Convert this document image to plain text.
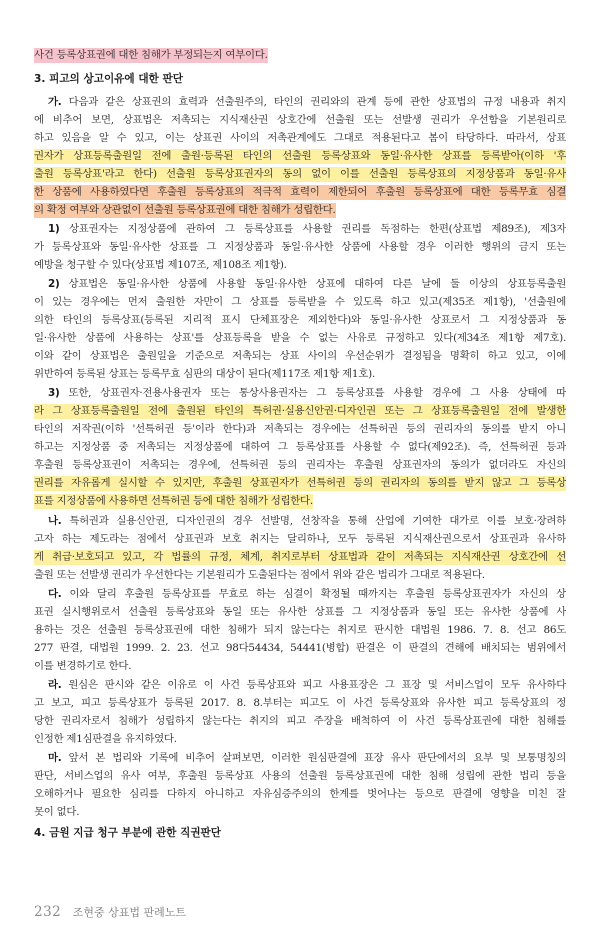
사건 등록상표권에 대한 침해가 부정되는지 여부이다.
3. 피고의 상고이유에 대한 판단
가. 다음과 같은 상표권의 효력과 선출원주의, 타인의 권리와의 관계 등에 관한 상표법의 규정 내용과 취지
에 비추어 보면, 상표법은 저촉되는 지식재산권 상호간에 선출원 또는 선발생 권리가 우선함을 기본원리로
하고 있음을 알 수 있고, 이는 상표권 사이의 저촉관계에도 그대로 적용된다고 봄이 타당하다. 따라서, 상표
권자가 상표등록출원일 전에 출원·등록된 타인의 선출원 등록상표와 동일·유사한 상표를 등록받아(이하 '후
출원 등록상표'라고 한다) 선출원 등록상표권자의 동의 없이 이를 선출원 등록상표의 지정상품과 동일·유사
한 상품에 사용하였다면 후출원 등록상표의 적극적 효력이 제한되어 후출원 등록상표에 대한 등록무효 심결
의 확정 여부와 상관없이 선출원 등록상표권에 대한 침해가 성립한다.
1) 상표권자는 지정상품에 관하여 그 등록상표를 사용할 권리를 독점하는 한편(상표법 제89조), 제3자
가 등록상표와 동일·유사한 상표를 그 지정상품과 동일·유사한 상품에 사용할 경우 이러한 행위의 금지 또는
예방을 청구할 수 있다(상표법 제107조, 제108조 제1항).
2) 상표법은 동일·유사한 상품에 사용할 동일·유사한 상표에 대하여 다른 날에 둘 이상의 상표등록출원
이 있는 경우에는 먼저 출원한 자만이 그 상표를 등록받을 수 있도록 하고 있고(제35조 제1항), '선출원에
의한 타인의 등록상표(등록된 지리적 표시 단체표장은 제외한다)와 동일·유사한 상표로서 그 지정상품과 동
일·유사한 상품에 사용하는 상표'를 상표등록을 받을 수 없는 사유로 규정하고 있다(제34조 제1항 제7호).
이와 같이 상표법은 출원일을 기준으로 저촉되는 상표 사이의 우선순위가 결정됨을 명확히 하고 있고, 이에
위반하여 등록된 상표는 등록무효 심판의 대상이 된다(제117조 제1항 제1호).
3) 또한, 상표권자·전용사용권자 또는 통상사용권자는 그 등록상표를 사용할 경우에 그 사용 상태에 따
라 그 상표등록출원일 전에 출원된 타인의 특허권·실용신안권·디자인권 또는 그 상표등록출원일 전에 발생한
타인의 저작권(이하 '선특허권 등'이라 한다)과 저촉되는 경우에는 선특허권 등의 권리자의 동의를 받지 아니
하고는 지정상품 중 저촉되는 지정상품에 대하여 그 등록상표를 사용할 수 없다(제92조). 즉, 선특허권 등과
후출원 등록상표권이 저촉되는 경우에, 선특허권 등의 권리자는 후출원 상표권자의 동의가 없더라도 자신의
권리를 자유롭게 실시할 수 있지만, 후출원 상표권자가 선특허권 등의 권리자의 동의를 받지 않고 그 등록상
표를 지정상품에 사용하면 선특허권 등에 대한 침해가 성립한다.
나. 특허권과 실용신안권, 디자인권의 경우 선발명, 선창작을 통해 산업에 기여한 대가로 이를 보호·장려하
고자 하는 제도라는 점에서 상표권과 보호 취지는 달리하나, 모두 등록된 지식재산권으로서 상표권과 유사하
게 취급·보호되고 있고, 각 법률의 규정, 체계, 취지로부터 상표법과 같이 저촉되는 지식재산권 상호간에 선
출원 또는 선발생 권리가 우선한다는 기본원리가 도출된다는 점에서 위와 같은 법리가 그대로 적용된다.
다. 이와 달리 후출원 등록상표를 무효로 하는 심결이 확정될 때까지는 후출원 등록상표권자가 자신의 상
표권 실시행위로서 선출원 등록상표와 동일 또는 유사한 상표를 그 지정상품과 동일 또는 유사한 상품에 사
용하는 것은 선출원 등록상표권에 대한 침해가 되지 않는다는 취지로 판시한 대법원 1986. 7. 8. 선고 86도
277 판결, 대법원 1999. 2. 23. 선고 98다54434, 54441(병합) 판결은 이 판결의 견해에 배치되는 범위에서
이를 변경하기로 한다.
라. 원심은 판시와 같은 이유로 이 사건 등록상표와 피고 사용표장은 그 표장 및 서비스업이 모두 유사하다
고 보고, 피고 등록상표가 등록된 2017. 8. 8.부터는 피고도 이 사건 등록상표와 유사한 피고 등록상표의 정
당한 권리자로서 침해가 성립하지 않는다는 취지의 피고 주장을 배척하여 이 사건 등록상표권에 대한 침해를
인정한 제1심판결을 유지하였다.
마. 앞서 본 법리와 기록에 비추어 살펴보면, 이러한 원심판결에 표장 유사 판단에서의 요부 및 보통명칭의
판단, 서비스업의 유사 여부, 후출원 등록상표 사용의 선출원 등록상표권에 대한 침해 성립에 관한 법리 등을
오해하거나 필요한 심리를 다하지 아니하고 자유심증주의의 한계를 벗어나는 등으로 판결에 영향을 미친 잘
못이 없다.
4. 금원 지급 청구 부분에 관한 직권판단
232 조현중 상표법 판례노트
